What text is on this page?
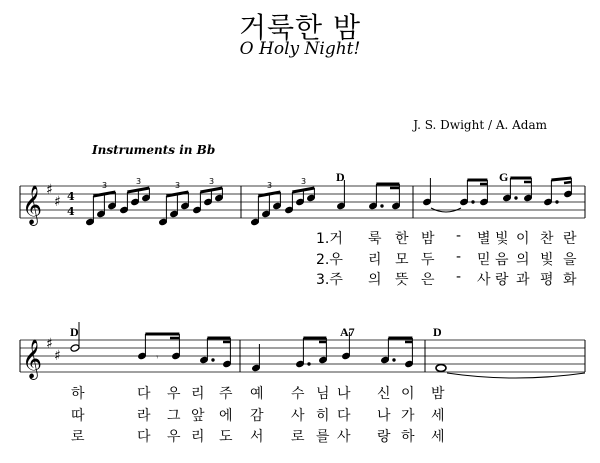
거룩한 밤
O Holy Night!
J. S. Dwight / A. Adam
Instruments in Bb
D	G
D	A7	D
1.거 룩 한 밤 - 별 빛 이 찬 란
2.우 리 모 두 - 믿 음 의 빛 을
3.주 의 뜻 은 - 사 랑 과 평 화
하	다 우 리 주 예 수 님 나 신 이 밤
따	라 그 앞 에 감 사 히 다 나 가 세
로	다 우 리 도 서 로 를 사 랑 하 세
𝄞 ♯
♯ 4
4
3	3	3	3	3	3
𝄞 ♯
♯	𝄾
